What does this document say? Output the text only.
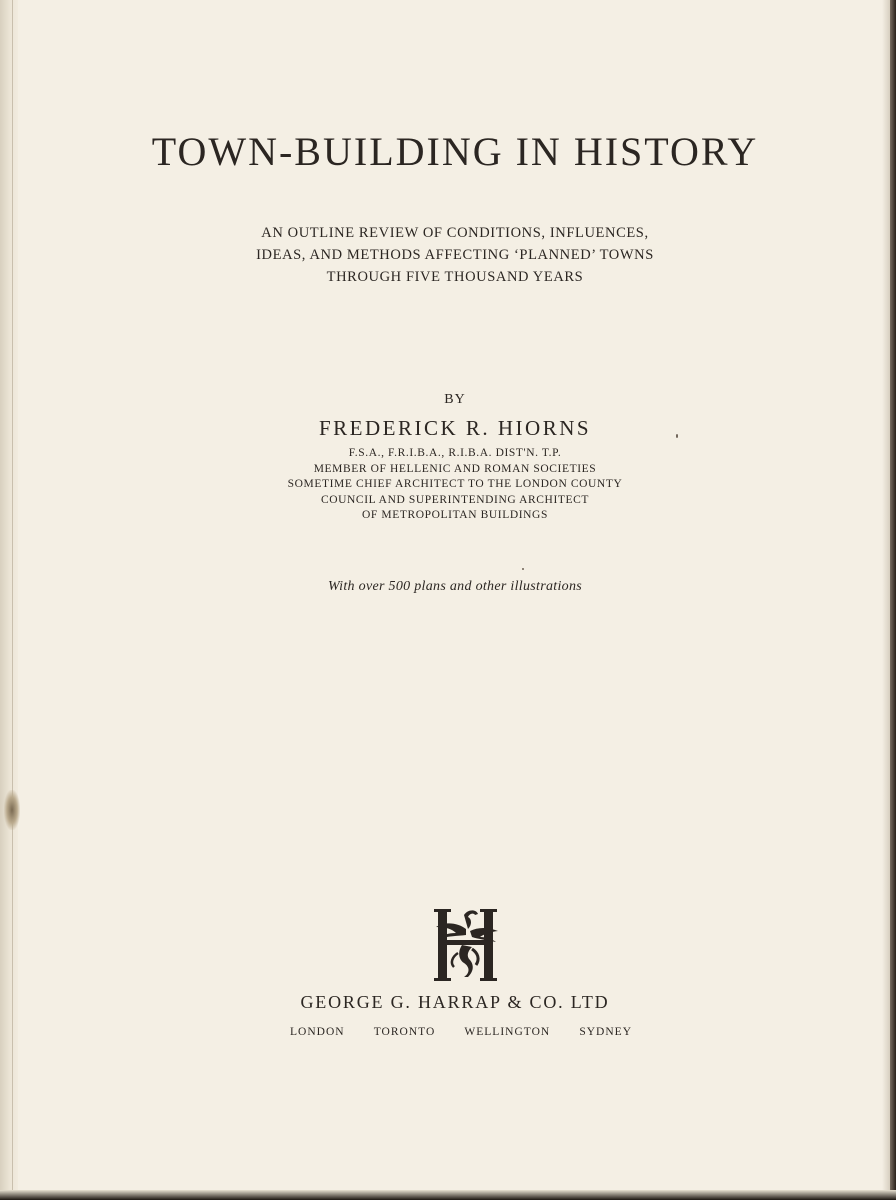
TOWN-BUILDING IN HISTORY
AN OUTLINE REVIEW OF CONDITIONS, INFLUENCES,
IDEAS, AND METHODS AFFECTING ‘PLANNED’ TOWNS
THROUGH FIVE THOUSAND YEARS
BY
FREDERICK R. HIORNS
F.S.A., F.R.I.B.A., R.I.B.A. DIST'N. T.P.
MEMBER OF HELLENIC AND ROMAN SOCIETIES
SOMETIME CHIEF ARCHITECT TO THE LONDON COUNTY
COUNCIL AND SUPERINTENDING ARCHITECT
OF METROPOLITAN BUILDINGS
With over 500 plans and other illustrations
GEORGE G. HARRAP & CO. LTD
LONDON	TORONTO	WELLINGTON	SYDNEY
